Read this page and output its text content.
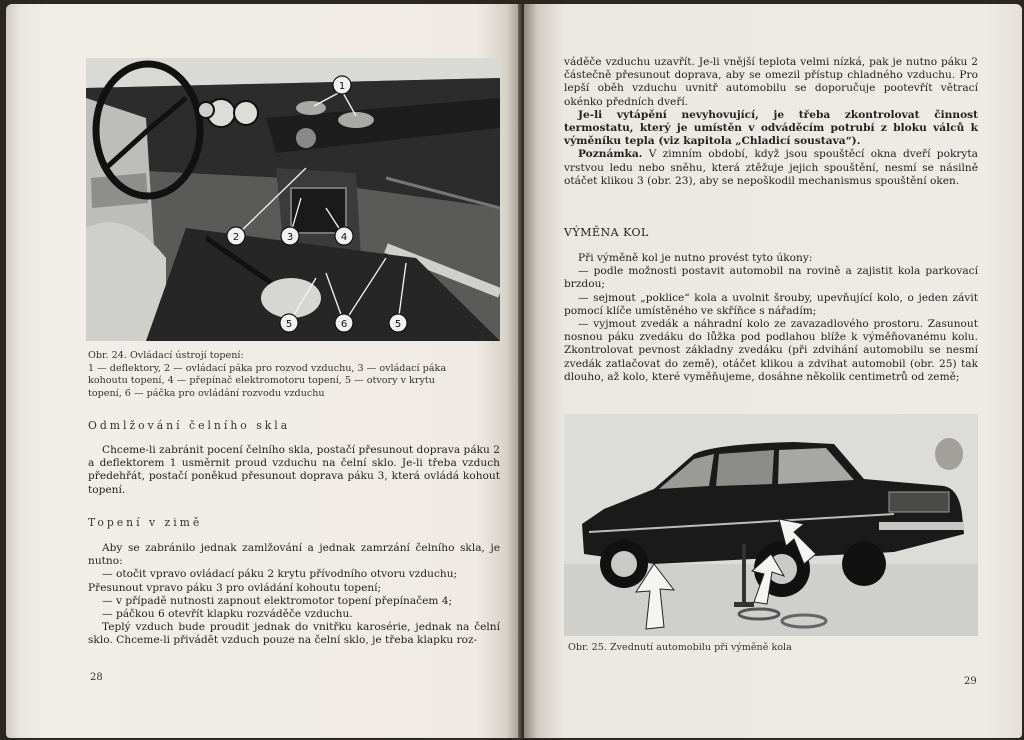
1
2	3	4
5	6	5
Obr. 24. Ovládací ústrojí topení:
1 — deflektory, 2 — ovládací páka pro rozvod vzduchu, 3 — ovládací páka
kohoutu topení, 4 — přepínač elektromotoru topení, 5 — otvory v krytu
topení, 6 — páčka pro ovládání rozvodu vzduchu
Odmlžování čelního skla

Chceme-li zabránit pocení čelního skla, postačí přesunout doprava páku 2 a deflektorem 1 usměrnit proud vzduchu na čelní sklo. Je-li třeba vzduch předehřát, postačí poněkud přesunout doprava páku 3, která ovládá kohout topení.

Topení v zimě

Aby se zabránilo jednak zamlžování a jednak zamrzání čelního skla, je nutno:

— otočit vpravo ovládací páku 2 krytu přívodního otvoru vzduchu;

Přesunout vpravo páku 3 pro ovládání kohoutu topení;

— v případě nutnosti zapnout elektromotor topení přepínačem 4;

— páčkou 6 otevřít klapku rozváděče vzduchu.

Teplý vzduch bude proudit jednak do vnitřku karosérie, jednak na čelní sklo. Chceme-li přivádět vzduch pouze na čelní sklo, je třeba klapku roz-

28

váděče vzduchu uzavřít. Je-li vnější teplota velmi nízká, pak je nutno páku 2 částečně přesunout doprava, aby se omezil přístup chladného vzduchu. Pro lepší oběh vzduchu uvnitř automobilu se doporučuje pootevřít větrací okénko předních dveří.

Je-li vytápění nevyhovující, je třeba zkontrolovat činnost termostatu, který je umístěn v odváděcím potrubí z bloku válců k výměníku tepla (viz kapitola „Chladicí soustava“).

Poznámka. V zimním období, když jsou spouštěcí okna dveří pokryta vrstvou ledu nebo sněhu, která ztěžuje jejich spouštění, nesmí se násilně otáčet klikou 3 (obr. 23), aby se nepoškodil mechanismus spouštění oken.

VÝMĚNA KOL

Při výměně kol je nutno provést tyto úkony:

— podle možnosti postavit automobil na rovině a zajistit kola parkovací brzdou;

— sejmout „poklice“ kola a uvolnit šrouby, upevňující kolo, o jeden závit pomocí klíče umístěného ve skříňce s nářadím;

— vyjmout zvedák a náhradní kolo ze zavazadlového prostoru. Zasunout nosnou páku zvedáku do lůžka pod podlahou blíže k výměňovanému kolu. Zkontrolovat pevnost základny zvedáku (při zdvihání automobilu se nesmí zvedák zatlačovat do země), otáčet klikou a zdvihat automobil (obr. 25) tak dlouho, až kolo, které vyměňujeme, dosáhne několik centimetrů od země;

Obr. 25. Zvednutí automobilu při výměně kola
29
